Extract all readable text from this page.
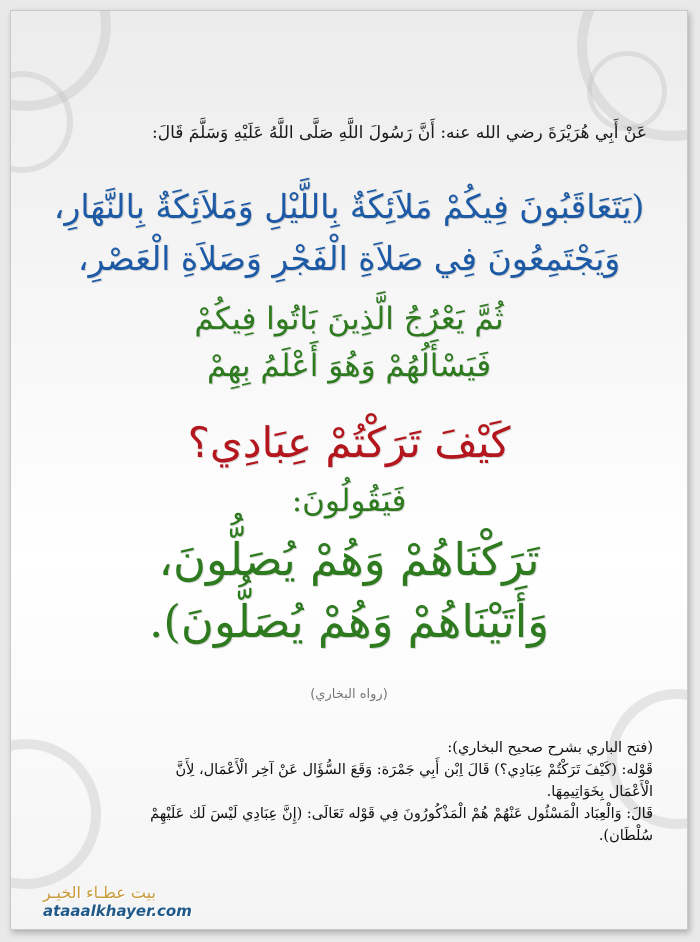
عَنْ أَبِي هُرَيْرَةَ رضي الله عنه: أَنَّ رَسُولَ اللَّهِ صَلَّى اللَّهُ عَلَيْهِ وَسَلَّمَ قَالَ:
(يَتَعَاقَبُونَ فِيكُمْ مَلاَئِكَةٌ بِاللَّيْلِ وَمَلاَئِكَةٌ بِالنَّهَارِ،
وَيَجْتَمِعُونَ فِي صَلاَةِ الْفَجْرِ وَصَلاَةِ الْعَصْرِ،
ثُمَّ يَعْرُجُ الَّذِينَ بَاتُوا فِيكُمْ
فَيَسْأَلُهُمْ وَهُوَ أَعْلَمُ بِهِمْ
كَيْفَ تَرَكْتُمْ عِبَادِي؟
فَيَقُولُونَ:
تَرَكْنَاهُمْ وَهُمْ يُصَلُّونَ،
وَأَتَيْنَاهُمْ وَهُمْ يُصَلُّونَ).
(رواه البخاري)
(فتح الباري بشرح صحيح البخاري):
قَوْله: (كَيْفَ تَرَكْتُمْ عِبَادِي؟) قَالَ اِبْن أَبِي جَمْرَة: وَقَعَ السُّؤَال عَنْ آخِر الْأَعْمَال، لِأَنَّ
الْأَعْمَال بِخَوَاتِيمِهَا.
قَالَ: وَالْعِبَاد الْمَسْئُول عَنْهُمْ هُمْ الْمَذْكُورُونَ فِي قَوْله تَعَالَى: (إِنَّ عِبَادِي لَيْسَ لَك عَلَيْهِمْ
سُلْطَان).
بيت عطـاء الخيـر
ataaalkhayer.com
